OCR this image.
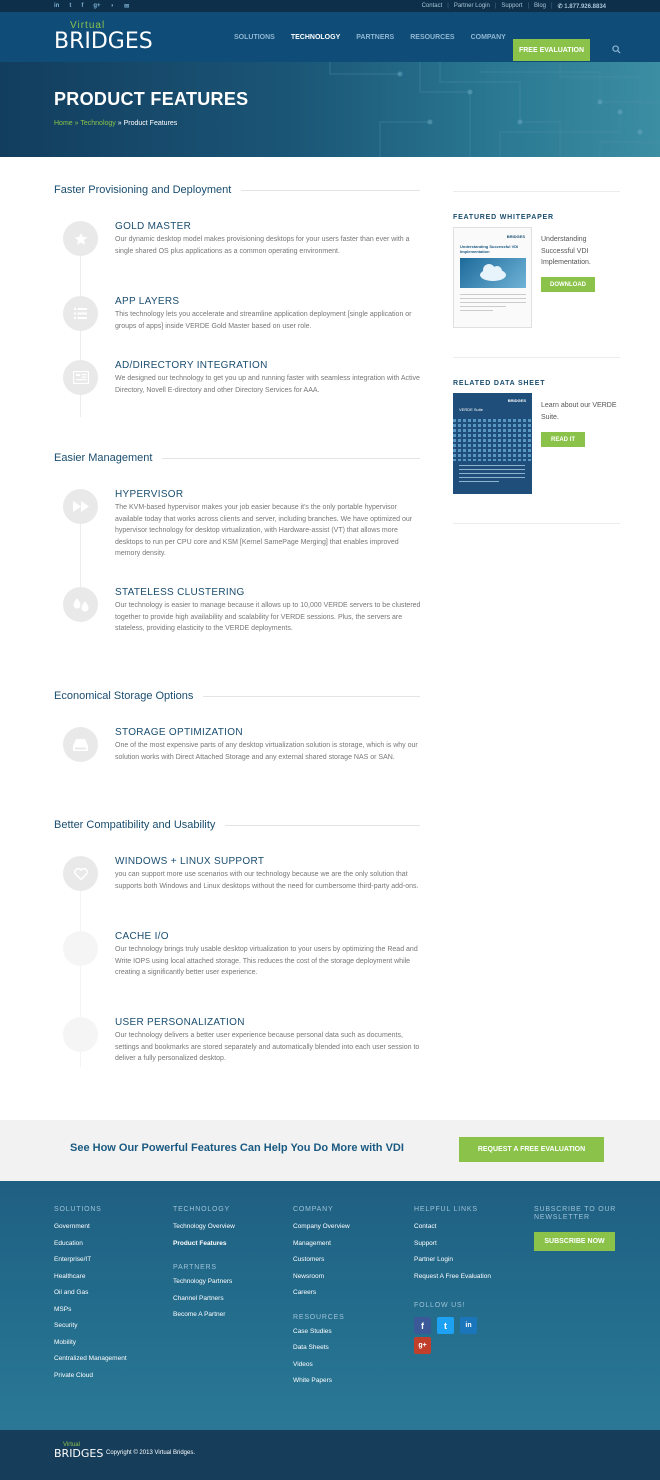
in t f g+ ◗ ✉	Contact | Partner Login | Support | Blog | ✆ 1.877.926.8834
Virtual
BRIDGES	SOLUTIONS TECHNOLOGY PARTNERS RESOURCES COMPANY
FREE EVALUATION
PRODUCT FEATURES
Home » Technology » Product Features
Faster Provisioning and Deployment
GOLD MASTER

Our dynamic desktop model makes provisioning desktops for your users faster than ever with a single shared OS plus applications as a common operating environment.

APP LAYERS

This technology lets you accelerate and streamline application deployment [single application or groups of apps] inside VERDE Gold Master based on user role.

AD/DIRECTORY INTEGRATION

We designed our technology to get you up and running faster with seamless integration with Active Directory, Novell E-directory and other Directory Services for AAA.

Easier Management
HYPERVISOR

The KVM-based hypervisor makes your job easier because it's the only portable hypervisor available today that works across clients and server, including branches. We have optimized our hypervisor technology for desktop virtualization, with Hardware-assist (VT) that allows more desktops to run per CPU core and KSM [Kernel SamePage Merging] that enables improved memory density.

STATELESS CLUSTERING

Our technology is easier to manage because it allows up to 10,000 VERDE servers to be clustered together to provide high availability and scalability for VERDE sessions. Plus, the servers are stateless, providing elasticity to the VERDE deployments.

Economical Storage Options
STORAGE OPTIMIZATION

One of the most expensive parts of any desktop virtualization solution is storage, which is why our solution works with Direct Attached Storage and any external shared storage NAS or SAN.

Better Compatibility and Usability
WINDOWS + LINUX SUPPORT

you can support more use scenarios with our technology because we are the only solution that supports both Windows and Linux desktops without the need for cumbersome third-party add-ons.

CACHE I/O

Our technology brings truly usable desktop virtualization to your users by optimizing the Read and Write IOPS using local attached storage. This reduces the cost of the storage deployment while creating a significantly better user experience.

USER PERSONALIZATION

Our technology delivers a better user experience because personal data such as documents, settings and bookmarks are stored separately and automatically blended into each user session to deliver a fully personalized desktop.

FEATURED WHITEPAPER
BRIDGES
Understanding Successful VDI Implementation
Understanding Successful VDI Implementation.
DOWNLOAD
RELATED DATA SHEET
BRIDGES
VERDE Suite
Learn about our VERDE Suite.
READ IT
See How Our Powerful Features Can Help You Do More with VDI	REQUEST A FREE EVALUATION
SOLUTIONS
Government
Education
Enterprise/IT
Healthcare
Oil and Gas
MSPs
Security
Mobility
Centralized Management
Private Cloud
TECHNOLOGY
Technology Overview
Product Features
PARTNERS
Technology Partners
Channel Partners
Become A Partner
COMPANY
Company Overview
Management
Customers
Newsroom
Careers
RESOURCES
Case Studies
Data Sheets
Videos
White Papers
HELPFUL LINKS
Contact
Support
Partner Login
Request A Free Evaluation
SUBSCRIBE TO OUR NEWSLETTER
SUBSCRIBE NOW
FOLLOW US!
f	t	in
g+
Virtual
BRIDGES Copyright © 2013 Virtual Bridges.
